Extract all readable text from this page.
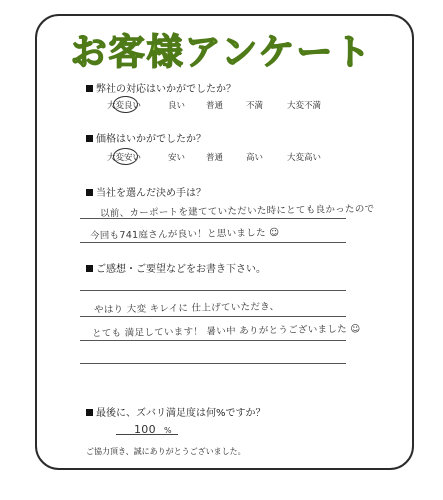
お客様アンケート
弊社の対応はいかがでしたか？
大変良い	良い 普通	不満	大変不満
価格はいかがでしたか？
大変安い	安い 普通	高い	大変高い
当社を選んだ決め手は？
以前、カーポートを建てていただいた時にとても良かったので
今回も741庭さんが良い！と思いました ☺
ご感想・ご要望などをお書き下さい。
やはり 大変 キレイに 仕上げていただき、
とても 満足しています！ 暑い中 ありがとうございました ☺
最後に、ズバリ満足度は何%ですか？
100 %
ご協力頂き、誠にありがとうございました。
